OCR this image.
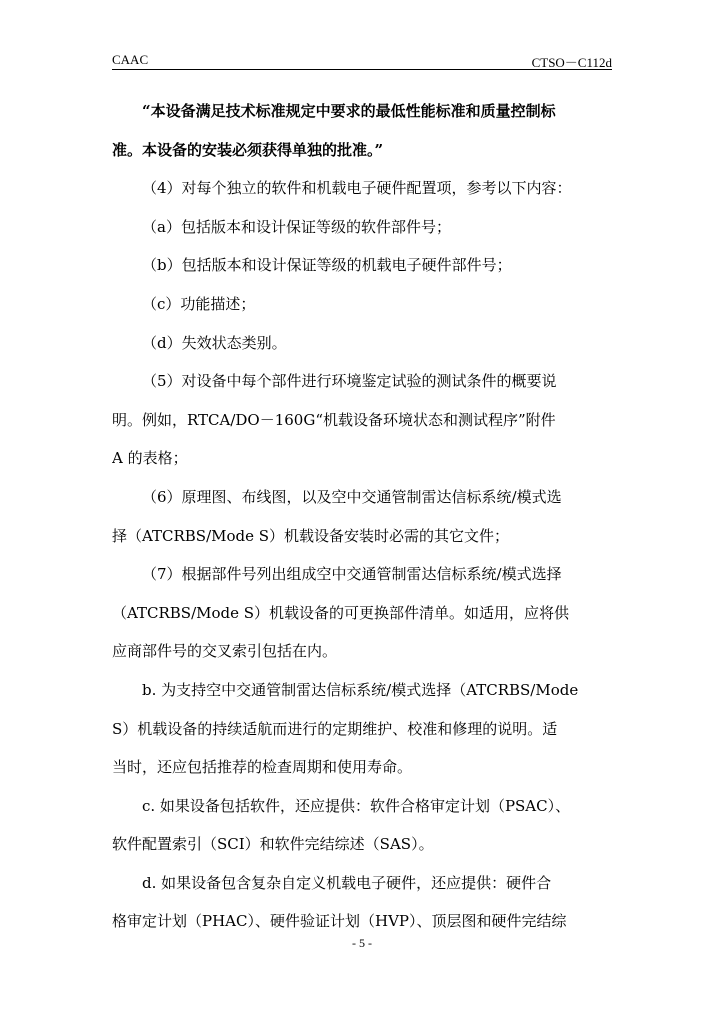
CAAC	CTSO－C112d
“本设备满足技术标准规定中要求的最低性能标准和质量控制标
准。本设备的安装必须获得单独的批准。”
（4）对每个独立的软件和机载电子硬件配置项，参考以下内容：
（a）包括版本和设计保证等级的软件部件号；
（b）包括版本和设计保证等级的机载电子硬件部件号；
（c）功能描述；
（d）失效状态类别。
（5）对设备中每个部件进行环境鉴定试验的测试条件的概要说
明。例如，RTCA/DO－160G“机载设备环境状态和测试程序”附件
A 的表格；
（6）原理图、布线图，以及空中交通管制雷达信标系统/模式选
择（ATCRBS/Mode S）机载设备安装时必需的其它文件；
（7）根据部件号列出组成空中交通管制雷达信标系统/模式选择
（ATCRBS/Mode S）机载设备的可更换部件清单。如适用，应将供
应商部件号的交叉索引包括在内。
b. 为支持空中交通管制雷达信标系统/模式选择（ATCRBS/Mode
S）机载设备的持续适航而进行的定期维护、校准和修理的说明。适
当时，还应包括推荐的检查周期和使用寿命。
c. 如果设备包括软件，还应提供：软件合格审定计划（PSAC）、
软件配置索引（SCI）和软件完结综述（SAS）。
d. 如果设备包含复杂自定义机载电子硬件，还应提供：硬件合
格审定计划（PHAC）、硬件验证计划（HVP）、顶层图和硬件完结综
- 5 -
